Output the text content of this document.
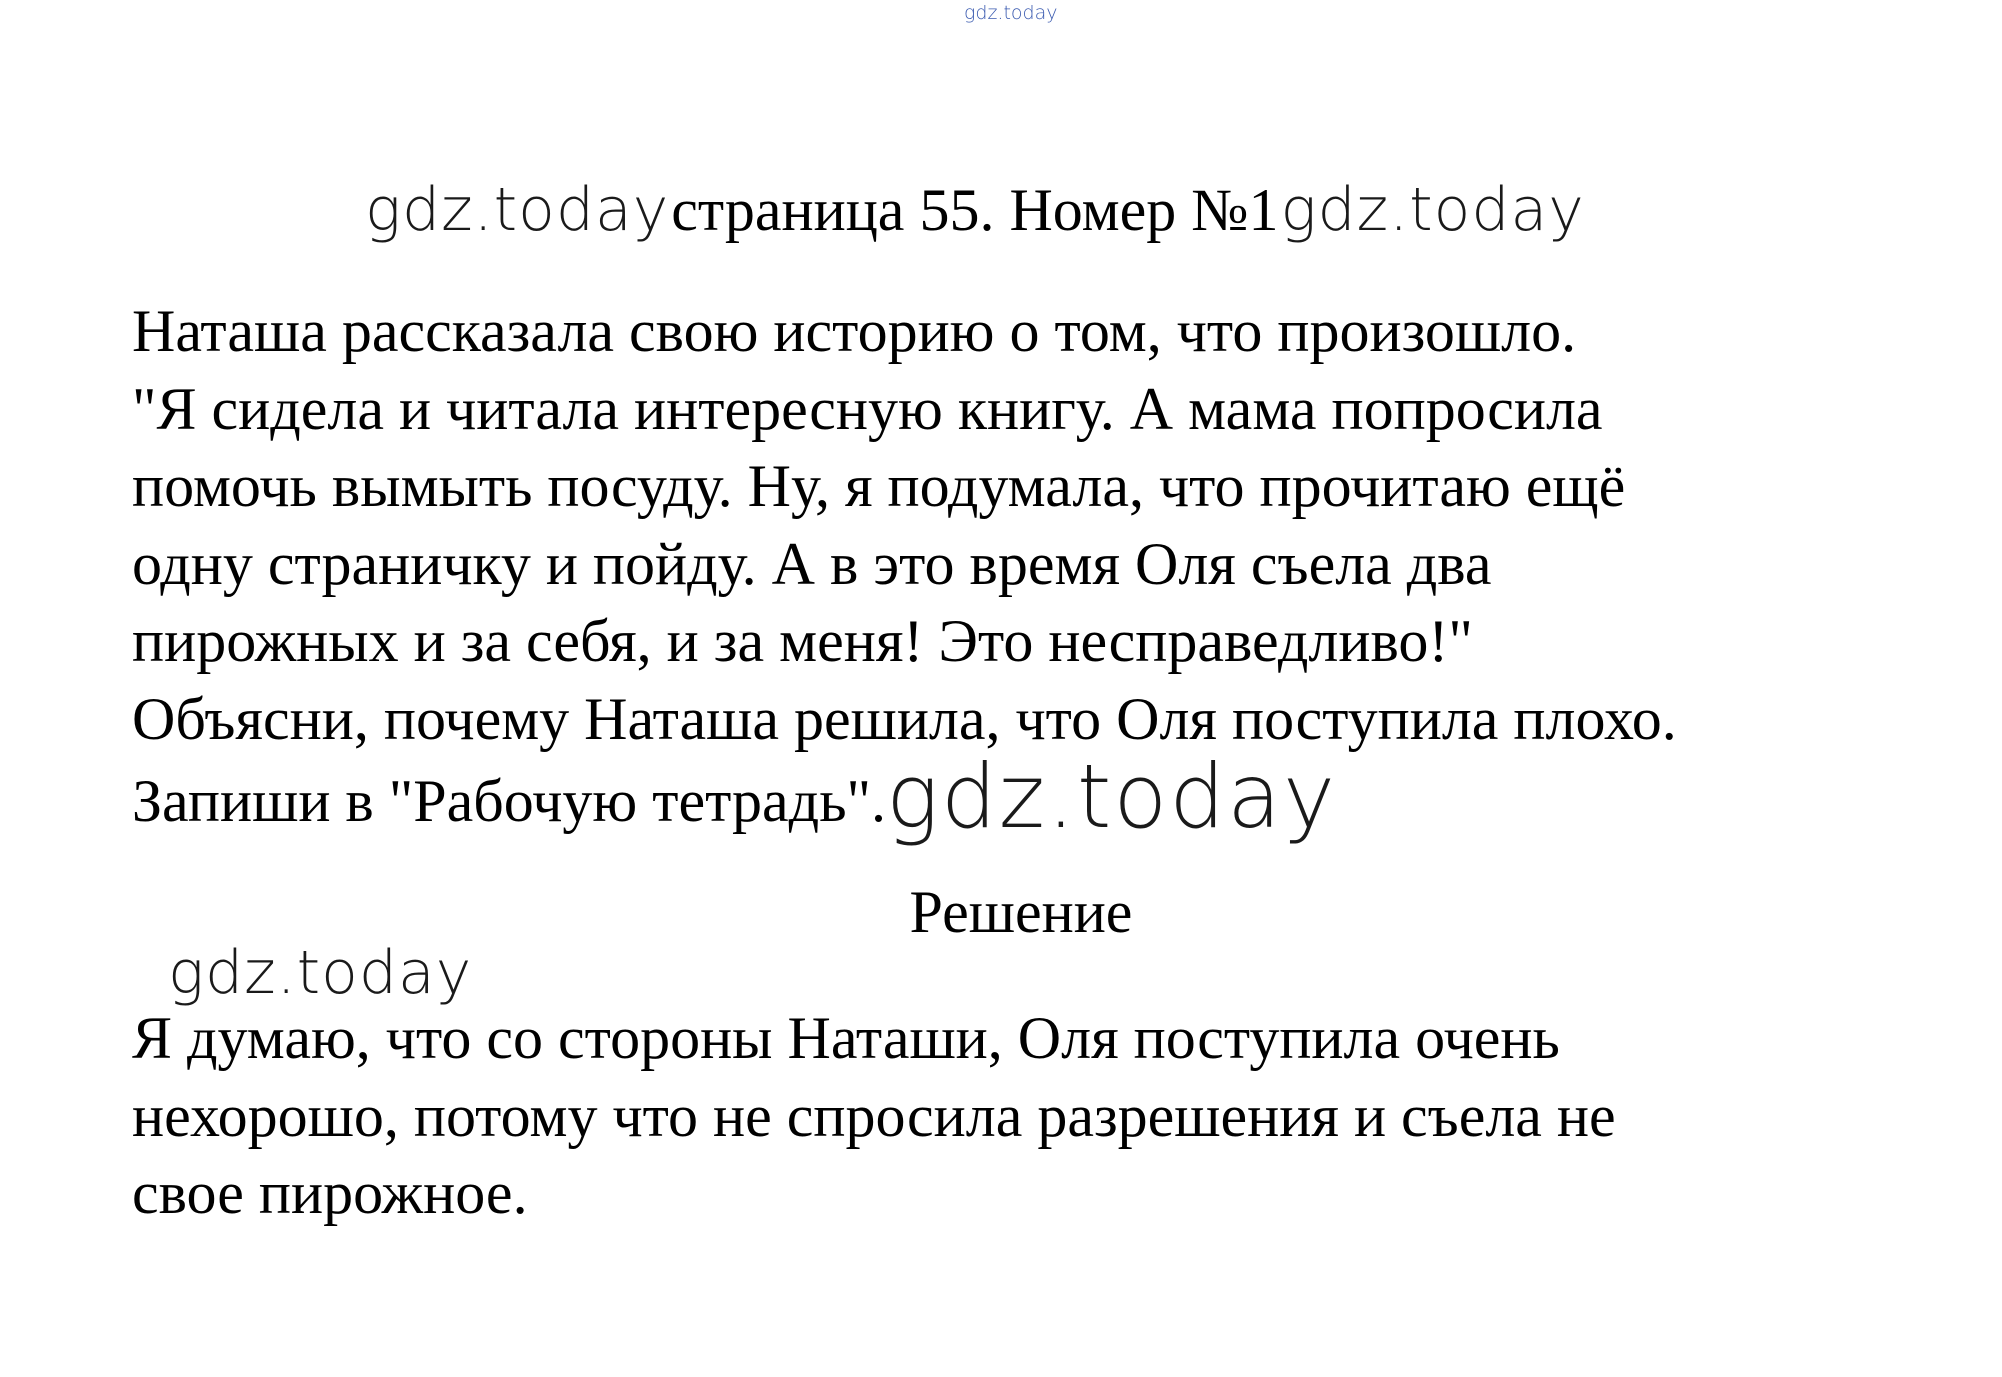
gdz.today
gdz.todayстраница 55. Номер №1gdz.today

Наташа рассказала свою историю о том, что произошло.
"Я сидела и читала интересную книгу. А мама попросила
помочь вымыть посуду. Ну, я подумала, что прочитаю ещё
одну страничку и пойду. А в это время Оля съела два
пирожных и за себя, и за меня! Это несправедливо!"
Объясни, почему Наташа решила, что Оля поступила плохо.
Запиши в "Рабочую тетрадь".gdz.today

Решение
gdz.today

Я думаю, что со стороны Наташи, Оля поступила очень
нехорошо, потому что не спросила разрешения и съела не
свое пирожное.
